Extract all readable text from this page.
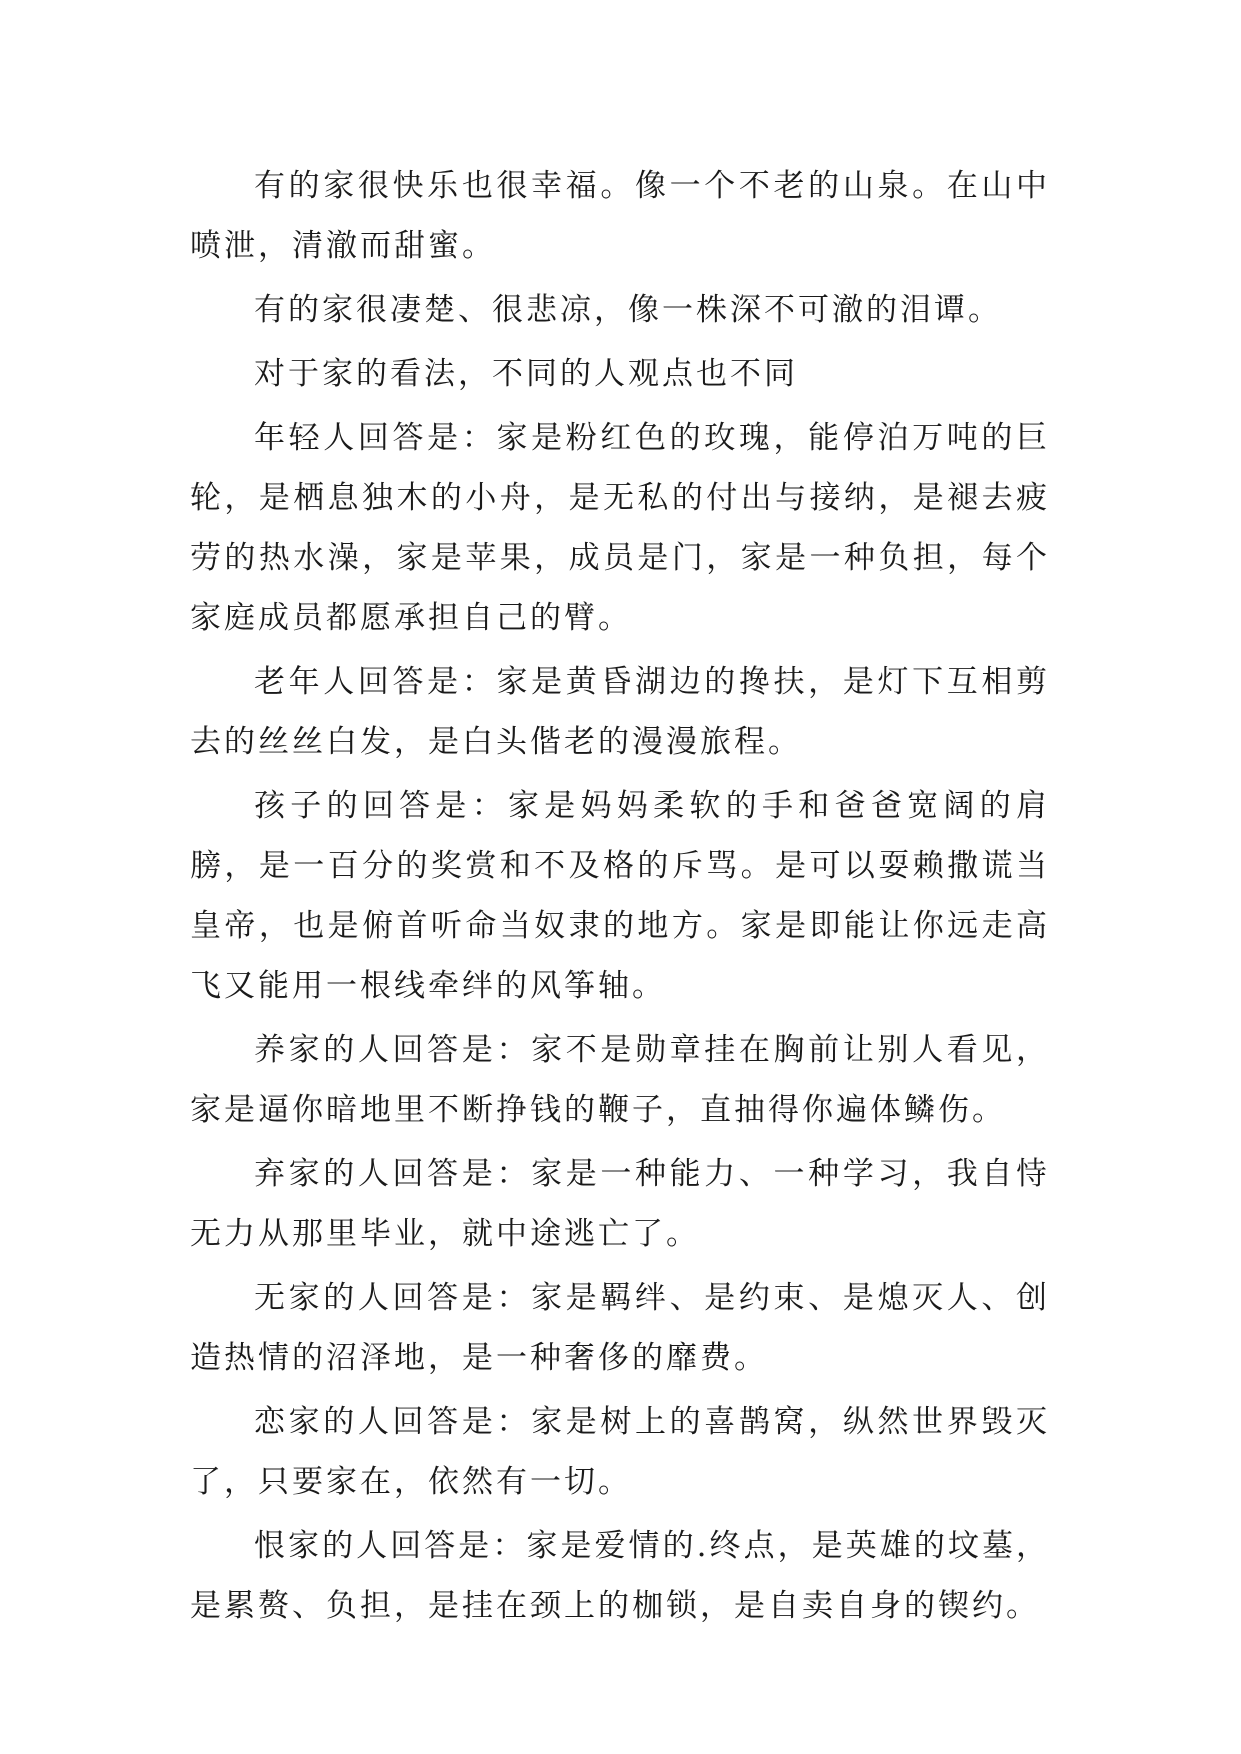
有的家很快乐也很幸福。像一个不老的山泉。在山中喷泄，清澈而甜蜜。

有的家很凄楚、很悲凉，像一株深不可澈的泪谭。

对于家的看法，不同的人观点也不同

年轻人回答是：家是粉红色的玫瑰，能停泊万吨的巨轮，是栖息独木的小舟，是无私的付出与接纳，是褪去疲劳的热水澡，家是苹果，成员是门，家是一种负担，每个家庭成员都愿承担自己的臂。

老年人回答是：家是黄昏湖边的搀扶，是灯下互相剪去的丝丝白发，是白头偕老的漫漫旅程。

孩子的回答是：家是妈妈柔软的手和爸爸宽阔的肩膀，是一百分的奖赏和不及格的斥骂。是可以耍赖撒谎当皇帝，也是俯首听命当奴隶的地方。家是即能让你远走高飞又能用一根线牵绊的风筝轴。

养家的人回答是：家不是勋章挂在胸前让别人看见，家是逼你暗地里不断挣钱的鞭子，直抽得你遍体鳞伤。

弃家的人回答是：家是一种能力、一种学习，我自恃无力从那里毕业，就中途逃亡了。

无家的人回答是：家是羁绊、是约束、是熄灭人、创造热情的沼泽地，是一种奢侈的靡费。

恋家的人回答是：家是树上的喜鹊窝，纵然世界毁灭了，只要家在，依然有一切。

恨家的人回答是：家是爱情的.终点，是英雄的坟墓，是累赘、负担，是挂在颈上的枷锁，是自卖自身的锲约。
